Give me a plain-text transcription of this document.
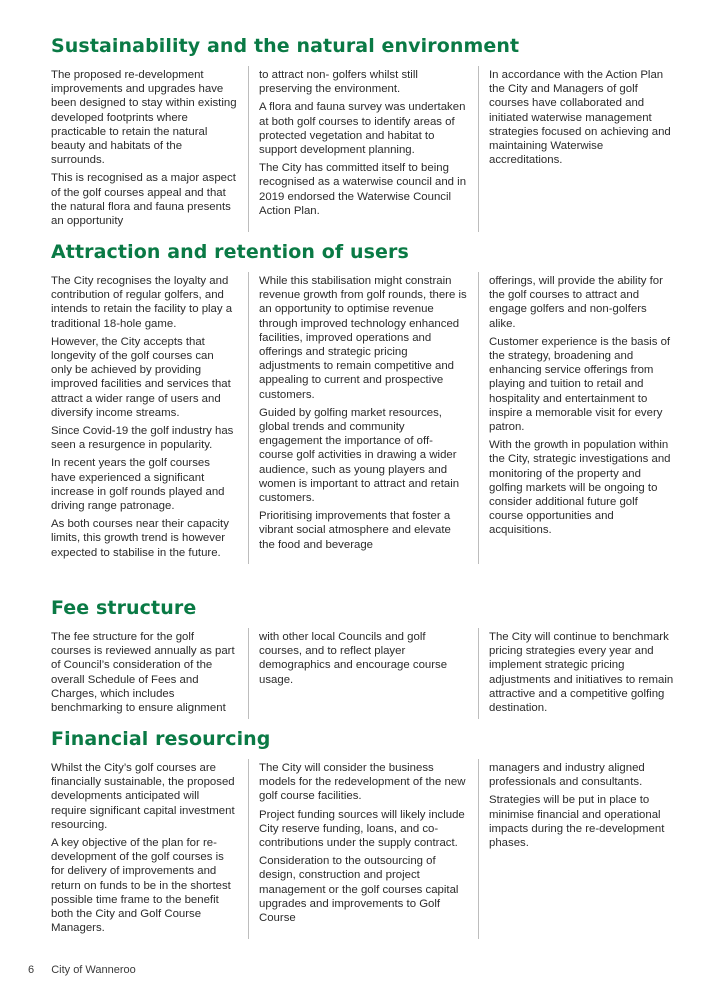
Sustainability and the natural environment

The proposed re-development improvements and upgrades have been designed to stay within existing developed footprints where practicable to retain the natural beauty and habitats of the surrounds.

This is recognised as a major aspect of the golf courses appeal and that the natural flora and fauna presents an opportunity

to attract non- golfers whilst still preserving the environment.

A flora and fauna survey was undertaken at both golf courses to identify areas of protected vegetation and habitat to support development planning.

The City has committed itself to being recognised as a waterwise council and in 2019 endorsed the Waterwise Council Action Plan.

In accordance with the Action Plan the City and Managers of golf courses have collaborated and initiated waterwise management strategies focused on achieving and maintaining Waterwise accreditations.

Attraction and retention of users

The City recognises the loyalty and contribution of regular golfers, and intends to retain the facility to play a traditional 18-hole game.

However, the City accepts that longevity of the golf courses can only be achieved by providing improved facilities and services that attract a wider range of users and diversify income streams.

Since Covid-19 the golf industry has seen a resurgence in popularity.

In recent years the golf courses have experienced a significant increase in golf rounds played and driving range patronage.

As both courses near their capacity limits, this growth trend is however expected to stabilise in the future.

While this stabilisation might constrain revenue growth from golf rounds, there is an opportunity to optimise revenue through improved technology enhanced facilities, improved operations and offerings and strategic pricing adjustments to remain competitive and appealing to current and prospective customers.

Guided by golfing market resources, global trends and community engagement the importance of off-course golf activities in drawing a wider audience, such as young players and women is important to attract and retain customers.

Prioritising improvements that foster a vibrant social atmosphere and elevate the food and beverage

offerings, will provide the ability for the golf courses to attract and engage golfers and non-golfers alike.

Customer experience is the basis of the strategy, broadening and enhancing service offerings from playing and tuition to retail and hospitality and entertainment to inspire a memorable visit for every patron.

With the growth in population within the City, strategic investigations and monitoring of the property and golfing markets will be ongoing to consider additional future golf course opportunities and acquisitions.

Fee structure

The fee structure for the golf courses is reviewed annually as part of Council’s consideration of the overall Schedule of Fees and Charges, which includes benchmarking to ensure alignment

with other local Councils and golf courses, and to reflect player demographics and encourage course usage.

The City will continue to benchmark pricing strategies every year and implement strategic pricing adjustments and initiatives to remain attractive and a competitive golfing destination.

Financial resourcing

Whilst the City’s golf courses are financially sustainable, the proposed developments anticipated will require significant capital investment resourcing.

A key objective of the plan for re-development of the golf courses is for delivery of improvements and return on funds to be in the shortest possible time frame to the benefit both the City and Golf Course Managers.

The City will consider the business models for the redevelopment of the new golf course facilities.

Project funding sources will likely include City reserve funding, loans, and co-contributions under the supply contract.

Consideration to the outsourcing of design, construction and project management or the golf courses capital upgrades and improvements to Golf Course

managers and industry aligned professionals and consultants.

Strategies will be put in place to minimise financial and operational impacts during the re-development phases.

6 City of Wanneroo
